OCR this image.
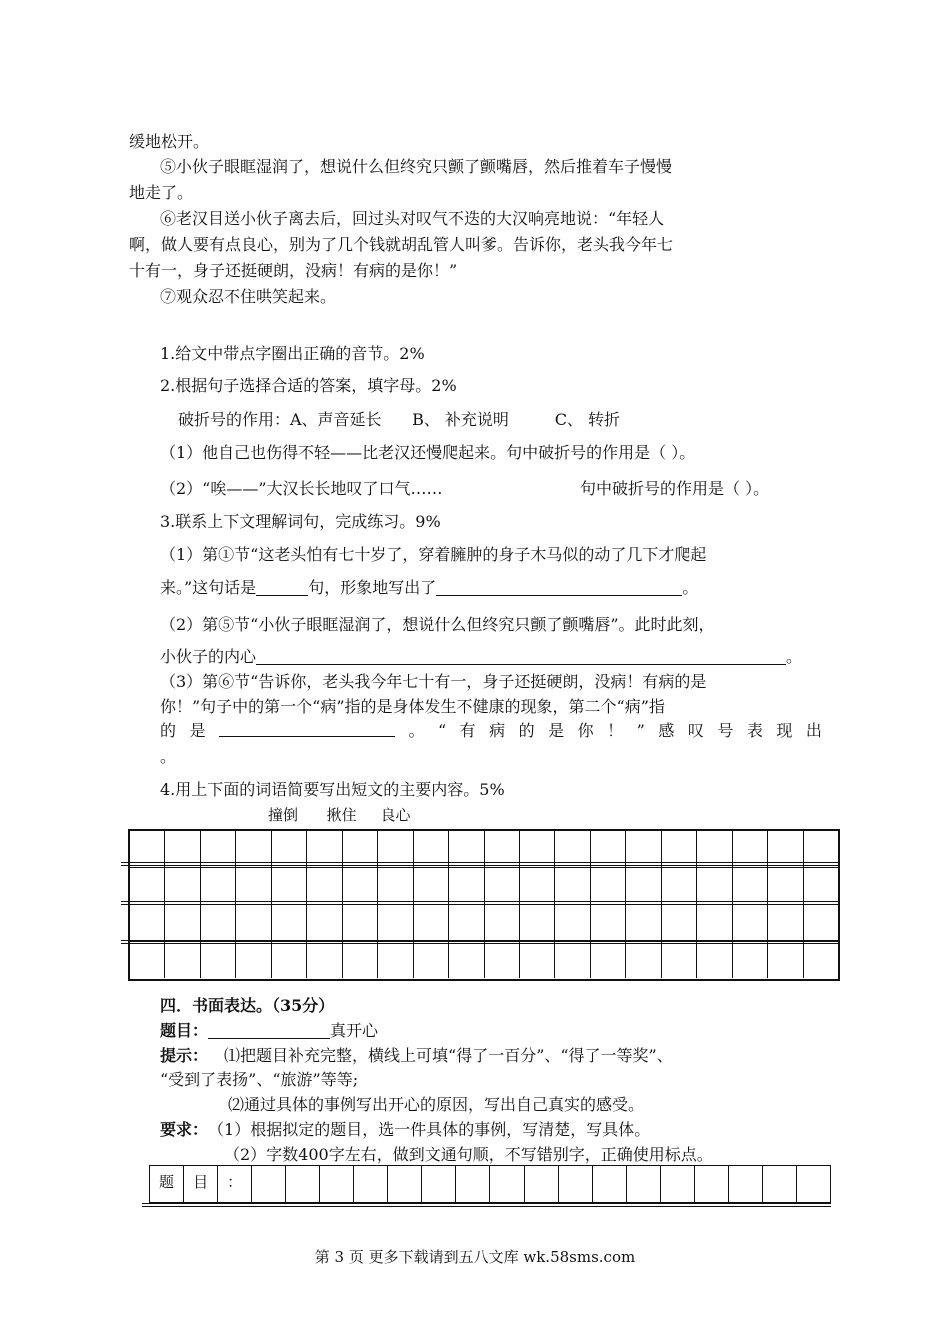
缓地松开。
⑤小伙子眼眶湿润了，想说什么但终究只颤了颤嘴唇，然后推着车子慢慢
地走了。
⑥老汉目送小伙子离去后，回过头对叹气不迭的大汉响亮地说：“年轻人
啊，做人要有点良心，别为了几个钱就胡乱管人叫爹。告诉你，老头我今年七
十有一，身子还挺硬朗，没病！有病的是你！”
⑦观众忍不住哄笑起来。
1.给文中带点字圈出正确的音节。2%
2.根据句子选择合适的答案，填字母。2%
破折号的作用：A、声音延长      B、 补充说明         C、 转折
（1）他自己也伤得不轻——比老汉还慢爬起来。句中破折号的作用是（ ）。
（2）“唉——”大汉长长地叹了口气……	句中破折号的作用是（ ）。
3.联系上下文理解词句，完成练习。9%
（1）第①节“这老头怕有七十岁了，穿着臃肿的身子木马似的动了几下才爬起
来。”这句话是	句，形象地写出了	。
（2）第⑤节“小伙子眼眶湿润了，想说什么但终究只颤了颤嘴唇”。此时此刻，
小伙子的内心	。
（3）第⑥节“告诉你，老头我今年七十有一，身子还挺硬朗，没病！有病的是
你！”句子中的第一个“病”指的是身体发生不健康的现象，第二个“病”指
的 是	。 “ 有 病 的 是 你 ！ ” 感 叹 号 表 现 出
。
4.用上下面的词语简要写出短文的主要内容。5%
撞倒      揪住     良心
四．书面表达。（35分）
题目：	真开心
提示： ⑴把题目补充完整，横线上可填“得了一百分”、“得了一等奖”、
“受到了表扬”、“旅游”等等;
⑵通过具体的事例写出开心的原因，写出自己真实的感受。
要求： （1）根据拟定的题目，选一件具体的事例，写清楚，写具体。
（2）字数400字左右，做到文通句顺，不写错别字，正确使用标点。
题	目	：
第 3 页 更多下载请到五八文库 wk.58sms.com
